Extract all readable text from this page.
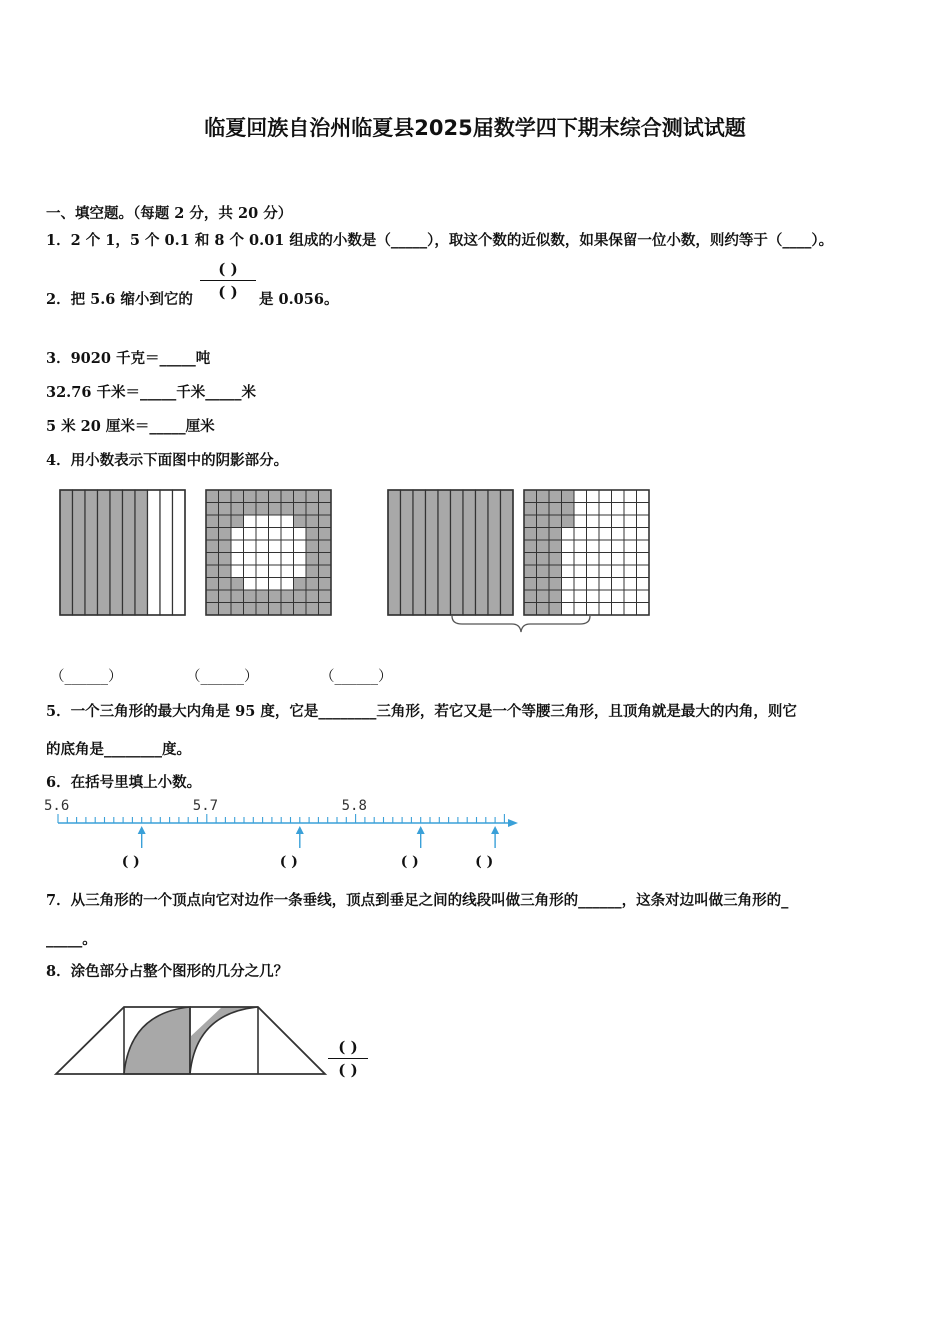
临夏回族自治州临夏县2025届数学四下期末综合测试试题
一、填空题。（每题 2 分，共 20 分）
1．2 个 1，5 个 0.1 和 8 个 0.01 组成的小数是（_____），取这个数的近似数，如果保留一位小数，则约等于（____）。
2．把 5.6 缩小到它的
( )
( )	是 0.056。
3．9020 千克＝_____吨
32.76 千米＝_____千米_____米
5 米 20 厘米＝_____厘米
4．用小数表示下面图中的阴影部分。
5.6	5.7	5.8
( )	( )	( )	( )
（______）	（______）	（______）
5．一个三角形的最大内角是 95 度，它是________三角形，若它又是一个等腰三角形，且顶角就是最大的内角，则它
的底角是________度。
6．在括号里填上小数。
7．从三角形的一个顶点向它对边作一条垂线，顶点到垂足之间的线段叫做三角形的______，这条对边叫做三角形的_
_____。
8．涂色部分占整个图形的几分之几？
( )
( )
